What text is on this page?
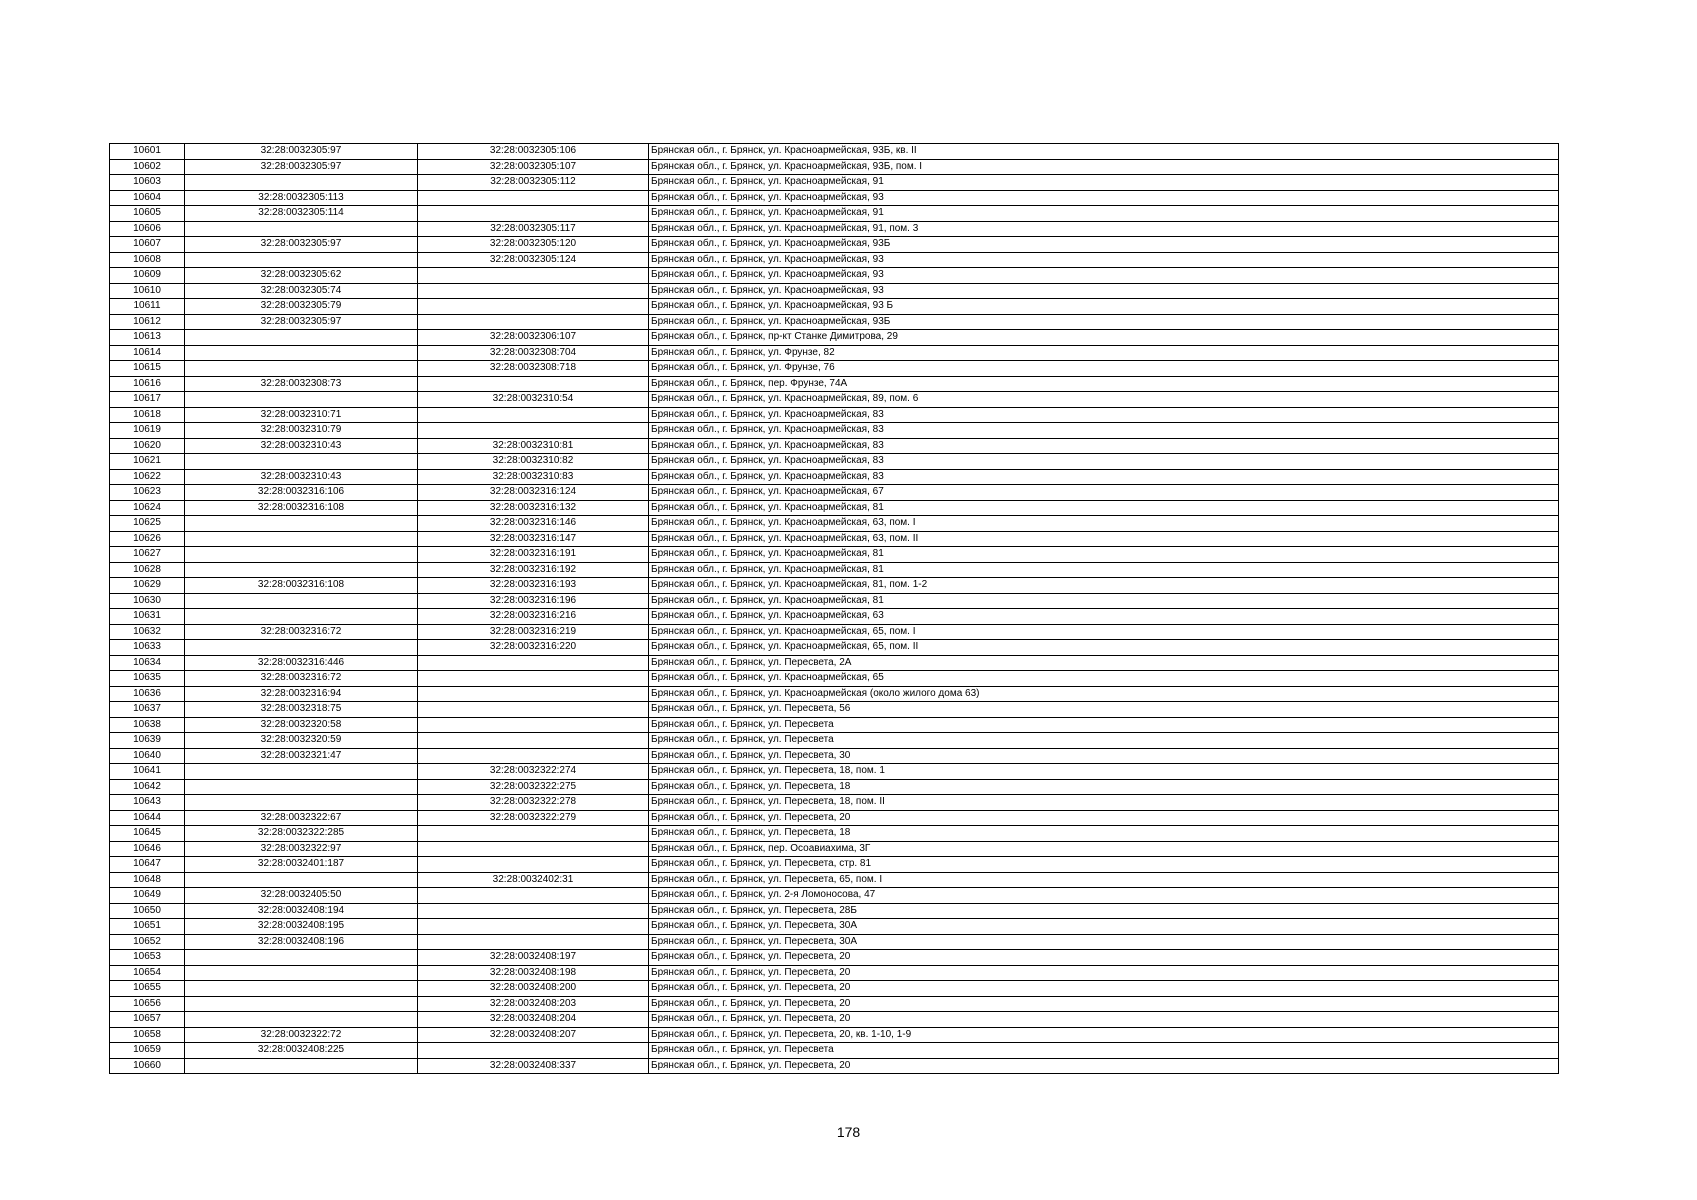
10601	32:28:0032305:97	32:28:0032305:106	Брянская обл., г. Брянск, ул. Красноармейская, 93Б, кв. II
10602	32:28:0032305:97	32:28:0032305:107	Брянская обл., г. Брянск, ул. Красноармейская, 93Б, пом. I
10603		32:28:0032305:112	Брянская обл., г. Брянск, ул. Красноармейская, 91
10604	32:28:0032305:113		Брянская обл., г. Брянск, ул. Красноармейская, 93
10605	32:28:0032305:114		Брянская обл., г. Брянск, ул. Красноармейская, 91
10606		32:28:0032305:117	Брянская обл., г. Брянск, ул. Красноармейская, 91, пом. 3
10607	32:28:0032305:97	32:28:0032305:120	Брянская обл., г. Брянск, ул. Красноармейская, 93Б
10608		32:28:0032305:124	Брянская обл., г. Брянск, ул. Красноармейская, 93
10609	32:28:0032305:62		Брянская обл., г. Брянск, ул. Красноармейская, 93
10610	32:28:0032305:74		Брянская обл., г. Брянск, ул. Красноармейская, 93
10611	32:28:0032305:79		Брянская обл., г. Брянск, ул. Красноармейская, 93 Б
10612	32:28:0032305:97		Брянская обл., г. Брянск, ул. Красноармейская, 93Б
10613		32:28:0032306:107	Брянская обл., г. Брянск, пр-кт Станке Димитрова, 29
10614		32:28:0032308:704	Брянская обл., г. Брянск, ул. Фрунзе, 82
10615		32:28:0032308:718	Брянская обл., г. Брянск, ул. Фрунзе, 76
10616	32:28:0032308:73		Брянская обл., г. Брянск, пер. Фрунзе, 74А
10617		32:28:0032310:54	Брянская обл., г. Брянск, ул. Красноармейская, 89, пом. 6
10618	32:28:0032310:71		Брянская обл., г. Брянск, ул. Красноармейская, 83
10619	32:28:0032310:79		Брянская обл., г. Брянск, ул. Красноармейская, 83
10620	32:28:0032310:43	32:28:0032310:81	Брянская обл., г. Брянск, ул. Красноармейская, 83
10621		32:28:0032310:82	Брянская обл., г. Брянск, ул. Красноармейская, 83
10622	32:28:0032310:43	32:28:0032310:83	Брянская обл., г. Брянск, ул. Красноармейская, 83
10623	32:28:0032316:106	32:28:0032316:124	Брянская обл., г. Брянск, ул. Красноармейская, 67
10624	32:28:0032316:108	32:28:0032316:132	Брянская обл., г. Брянск, ул. Красноармейская, 81
10625		32:28:0032316:146	Брянская обл., г. Брянск, ул. Красноармейская, 63, пом. I
10626		32:28:0032316:147	Брянская обл., г. Брянск, ул. Красноармейская, 63, пом. II
10627		32:28:0032316:191	Брянская обл., г. Брянск, ул. Красноармейская, 81
10628		32:28:0032316:192	Брянская обл., г. Брянск, ул. Красноармейская, 81
10629	32:28:0032316:108	32:28:0032316:193	Брянская обл., г. Брянск, ул. Красноармейская, 81, пом. 1-2
10630		32:28:0032316:196	Брянская обл., г. Брянск, ул. Красноармейская, 81
10631		32:28:0032316:216	Брянская обл., г. Брянск, ул. Красноармейская, 63
10632	32:28:0032316:72	32:28:0032316:219	Брянская обл., г. Брянск, ул. Красноармейская, 65, пом. I
10633		32:28:0032316:220	Брянская обл., г. Брянск, ул. Красноармейская, 65, пом. II
10634	32:28:0032316:446		Брянская обл., г. Брянск, ул. Пересвета, 2А
10635	32:28:0032316:72		Брянская обл., г. Брянск, ул. Красноармейская, 65
10636	32:28:0032316:94		Брянская обл., г. Брянск, ул. Красноармейская (около жилого дома 63)
10637	32:28:0032318:75		Брянская обл., г. Брянск, ул. Пересвета, 56
10638	32:28:0032320:58		Брянская обл., г. Брянск, ул. Пересвета
10639	32:28:0032320:59		Брянская обл., г. Брянск, ул. Пересвета
10640	32:28:0032321:47		Брянская обл., г. Брянск, ул. Пересвета, 30
10641		32:28:0032322:274	Брянская обл., г. Брянск, ул. Пересвета, 18, пом. 1
10642		32:28:0032322:275	Брянская обл., г. Брянск, ул. Пересвета, 18
10643		32:28:0032322:278	Брянская обл., г. Брянск, ул. Пересвета, 18, пом. II
10644	32:28:0032322:67	32:28:0032322:279	Брянская обл., г. Брянск, ул. Пересвета, 20
10645	32:28:0032322:285		Брянская обл., г. Брянск, ул. Пересвета, 18
10646	32:28:0032322:97		Брянская обл., г. Брянск, пер. Осоавиахима, 3Г
10647	32:28:0032401:187		Брянская обл., г. Брянск, ул. Пересвета, стр. 81
10648		32:28:0032402:31	Брянская обл., г. Брянск, ул. Пересвета, 65, пом. I
10649	32:28:0032405:50		Брянская обл., г. Брянск, ул. 2-я Ломоносова, 47
10650	32:28:0032408:194		Брянская обл., г. Брянск, ул. Пересвета, 28Б
10651	32:28:0032408:195		Брянская обл., г. Брянск, ул. Пересвета, 30А
10652	32:28:0032408:196		Брянская обл., г. Брянск, ул. Пересвета, 30А
10653		32:28:0032408:197	Брянская обл., г. Брянск, ул. Пересвета, 20
10654		32:28:0032408:198	Брянская обл., г. Брянск, ул. Пересвета, 20
10655		32:28:0032408:200	Брянская обл., г. Брянск, ул. Пересвета, 20
10656		32:28:0032408:203	Брянская обл., г. Брянск, ул. Пересвета, 20
10657		32:28:0032408:204	Брянская обл., г. Брянск, ул. Пересвета, 20
10658	32:28:0032322:72	32:28:0032408:207	Брянская обл., г. Брянск, ул. Пересвета, 20, кв. 1-10, 1-9
10659	32:28:0032408:225		Брянская обл., г. Брянск, ул. Пересвета
10660		32:28:0032408:337	Брянская обл., г. Брянск, ул. Пересвета, 20
178
